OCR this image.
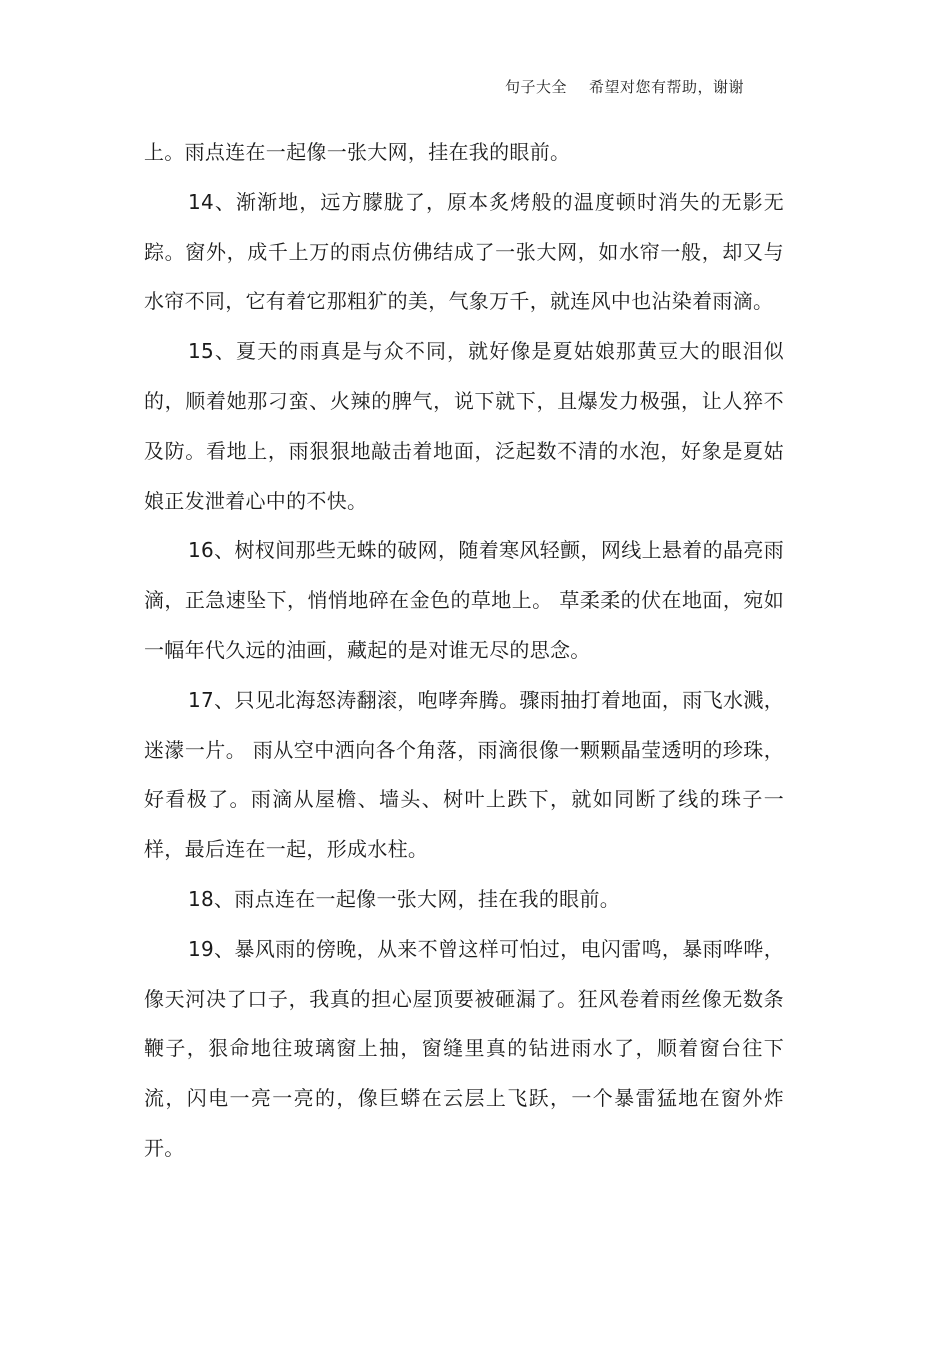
句子大全 希望对您有帮助，谢谢

上。雨点连在一起像一张大网，挂在我的眼前。

14、渐渐地，远方朦胧了，原本炙烤般的温度顿时消失的无影无踪。窗外，成千上万的雨点仿佛结成了一张大网，如水帘一般，却又与水帘不同，它有着它那粗犷的美，气象万千，就连风中也沾染着雨滴。

15、夏天的雨真是与众不同，就好像是夏姑娘那黄豆大的眼泪似的，顺着她那刁蛮、火辣的脾气，说下就下，且爆发力极强，让人猝不及防。看地上，雨狠狠地敲击着地面，泛起数不清的水泡，好象是夏姑娘正发泄着心中的不快。

16、树杈间那些无蛛的破网，随着寒风轻颤，网线上悬着的晶亮雨滴，正急速坠下，悄悄地碎在金色的草地上。 草柔柔的伏在地面，宛如一幅年代久远的油画，藏起的是对谁无尽的思念。

17、只见北海怒涛翻滚，咆哮奔腾。骤雨抽打着地面，雨飞水溅，迷濛一片。 雨从空中洒向各个角落，雨滴很像一颗颗晶莹透明的珍珠，好看极了。雨滴从屋檐、墙头、树叶上跌下，就如同断了线的珠子一样，最后连在一起，形成水柱。

18、雨点连在一起像一张大网，挂在我的眼前。

19、暴风雨的傍晚，从来不曾这样可怕过，电闪雷鸣，暴雨哗哗，像天河决了口子，我真的担心屋顶要被砸漏了。狂风卷着雨丝像无数条鞭子，狠命地往玻璃窗上抽，窗缝里真的钻进雨水了，顺着窗台往下流，闪电一亮一亮的，像巨蟒在云层上飞跃，一个暴雷猛地在窗外炸开。
